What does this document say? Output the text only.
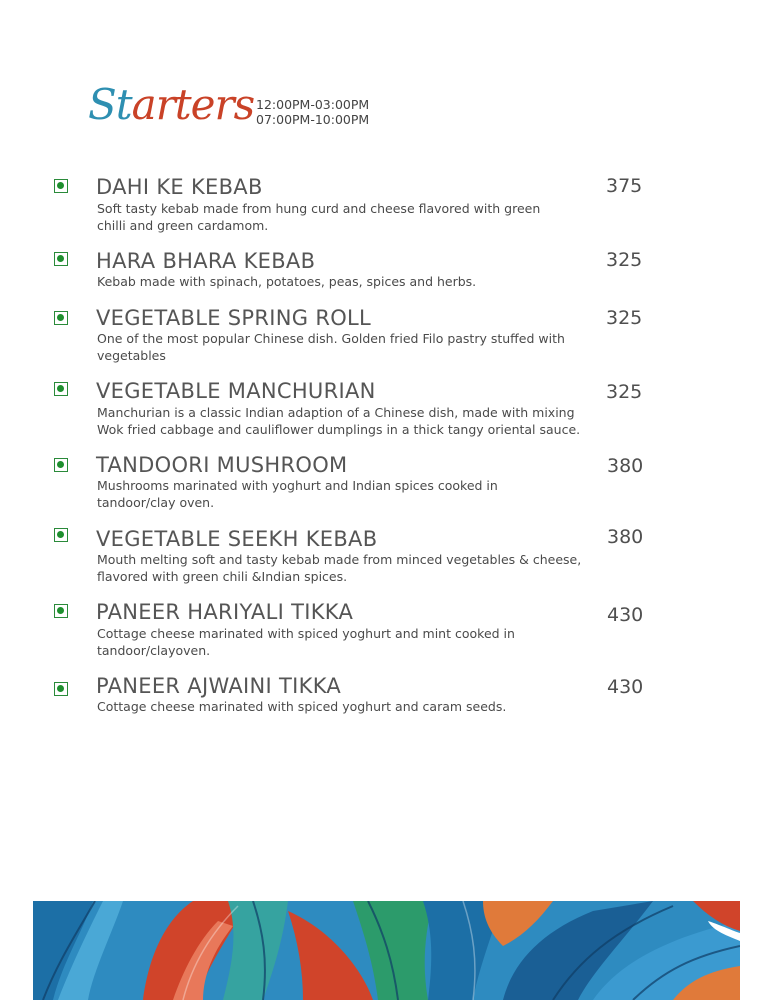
Starters 12:00PM-03:00PM
07:00PM-10:00PM
DAHI KE KEBAB	375
Soft tasty kebab made from hung curd and cheese flavored with green
chilli and green cardamom.
HARA BHARA KEBAB	325
Kebab made with spinach, potatoes, peas, spices and herbs.
VEGETABLE SPRING ROLL	325
One of the most popular Chinese dish. Golden fried Filo pastry stuffed with
vegetables
VEGETABLE MANCHURIAN	325
Manchurian is a classic Indian adaption of a Chinese dish, made with mixing
Wok fried cabbage and cauliflower dumplings in a thick tangy oriental sauce.
TANDOORI MUSHROOM	380
Mushrooms marinated with yoghurt and Indian spices cooked in
tandoor/clay oven.
VEGETABLE SEEKH KEBAB	380
Mouth melting soft and tasty kebab made from minced vegetables & cheese,
flavored with green chili &Indian spices.
PANEER HARIYALI TIKKA	430
Cottage cheese marinated with spiced yoghurt and mint cooked in
tandoor/clayoven.
PANEER AJWAINI TIKKA	430
Cottage cheese marinated with spiced yoghurt and caram seeds.
